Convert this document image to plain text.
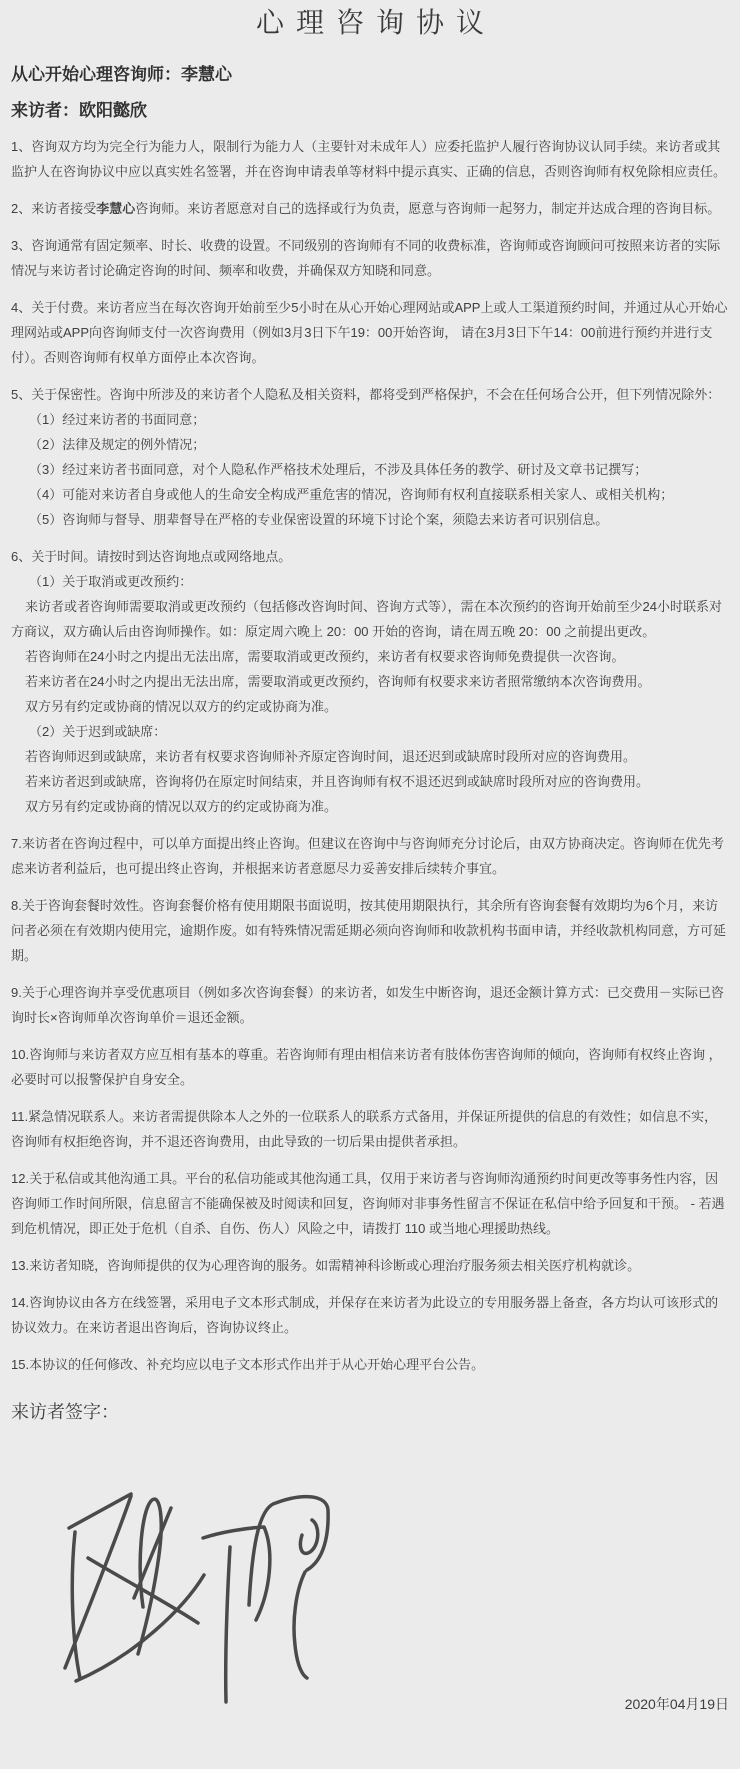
心理咨询协议
从心开始心理咨询师：李慧心
来访者：欧阳懿欣
1、咨询双方均为完全行为能力人，限制行为能力人（主要针对未成年人）应委托监护人履行咨询协议认同手续。来访者或其监护人在咨询协议中应以真实姓名签署，并在咨询申请表单等材料中提示真实、正确的信息，否则咨询师有权免除相应责任。
2、来访者接受李慧心咨询师。来访者愿意对自己的选择或行为负责，愿意与咨询师一起努力，制定并达成合理的咨询目标。
3、咨询通常有固定频率、时长、收费的设置。不同级别的咨询师有不同的收费标准，咨询师或咨询顾问可按照来访者的实际情况与来访者讨论确定咨询的时间、频率和收费，并确保双方知晓和同意。
4、关于付费。来访者应当在每次咨询开始前至少5小时在从心开始心理网站或APP上或人工渠道预约时间，并通过从心开始心理网站或APP向咨询师支付一次咨询费用（例如3月3日下午19：00开始咨询， 请在3月3日下午14：00前进行预约并进行支付）。否则咨询师有权单方面停止本次咨询。
5、关于保密性。咨询中所涉及的来访者个人隐私及相关资料，都将受到严格保护，不会在任何场合公开，但下列情况除外：
（1）经过来访者的书面同意；
（2）法律及规定的例外情况；
（3）经过来访者书面同意，对个人隐私作严格技术处理后，不涉及具体任务的教学、研讨及文章书记撰写；
（4）可能对来访者自身或他人的生命安全构成严重危害的情况，咨询师有权利直接联系相关家人、或相关机构；
（5）咨询师与督导、朋辈督导在严格的专业保密设置的环境下讨论个案，须隐去来访者可识别信息。
6、关于时间。请按时到达咨询地点或网络地点。
（1）关于取消或更改预约：
来访者或者咨询师需要取消或更改预约（包括修改咨询时间、咨询方式等），需在本次预约的咨询开始前至少24小时联系对方商议，双方确认后由咨询师操作。如：原定周六晚上 20：00 开始的咨询，请在周五晚 20：00 之前提出更改。
若咨询师在24小时之内提出无法出席，需要取消或更改预约，来访者有权要求咨询师免费提供一次咨询。
若来访者在24小时之内提出无法出席，需要取消或更改预约，咨询师有权要求来访者照常缴纳本次咨询费用。
双方另有约定或协商的情况以双方的约定或协商为准。
（2）关于迟到或缺席：
若咨询师迟到或缺席，来访者有权要求咨询师补齐原定咨询时间，退还迟到或缺席时段所对应的咨询费用。
若来访者迟到或缺席，咨询将仍在原定时间结束，并且咨询师有权不退还迟到或缺席时段所对应的咨询费用。
双方另有约定或协商的情况以双方的约定或协商为准。
7.来访者在咨询过程中，可以单方面提出终止咨询。但建议在咨询中与咨询师充分讨论后，由双方协商决定。咨询师在优先考虑来访者利益后，也可提出终止咨询，并根据来访者意愿尽力妥善安排后续转介事宜。
8.关于咨询套餐时效性。咨询套餐价格有使用期限书面说明，按其使用期限执行，其余所有咨询套餐有效期均为6个月，来访问者必须在有效期内使用完，逾期作废。如有特殊情况需延期必须向咨询师和收款机构书面申请，并经收款机构同意，方可延期。
9.关于心理咨询并享受优惠项目（例如多次咨询套餐）的来访者，如发生中断咨询，退还金额计算方式：已交费用－实际已咨询时长×咨询师单次咨询单价＝退还金额。
10.咨询师与来访者双方应互相有基本的尊重。若咨询师有理由相信来访者有肢体伤害咨询师的倾向，咨询师有权终止咨询 ，必要时可以报警保护自身安全。
11.紧急情况联系人。来访者需提供除本人之外的一位联系人的联系方式备用，并保证所提供的信息的有效性；如信息不实，咨询师有权拒绝咨询，并不退还咨询费用，由此导致的一切后果由提供者承担。
12.关于私信或其他沟通工具。平台的私信功能或其他沟通工具，仅用于来访者与咨询师沟通预约时间更改等事务性内容，因咨询师工作时间所限，信息留言不能确保被及时阅读和回复，咨询师对非事务性留言不保证在私信中给予回复和干预。 - 若遇到危机情况，即正处于危机（自杀、自伤、伤人）风险之中，请拨打 110 或当地心理援助热线。
13.来访者知晓，咨询师提供的仅为心理咨询的服务。如需精神科诊断或心理治疗服务须去相关医疗机构就诊。
14.咨询协议由各方在线签署，采用电子文本形式制成，并保存在来访者为此设立的专用服务器上备查，各方均认可该形式的协议效力。在来访者退出咨询后，咨询协议终止。
15.本协议的任何修改、补充均应以电子文本形式作出并于从心开始心理平台公告。
来访者签字：
2020年04月19日
